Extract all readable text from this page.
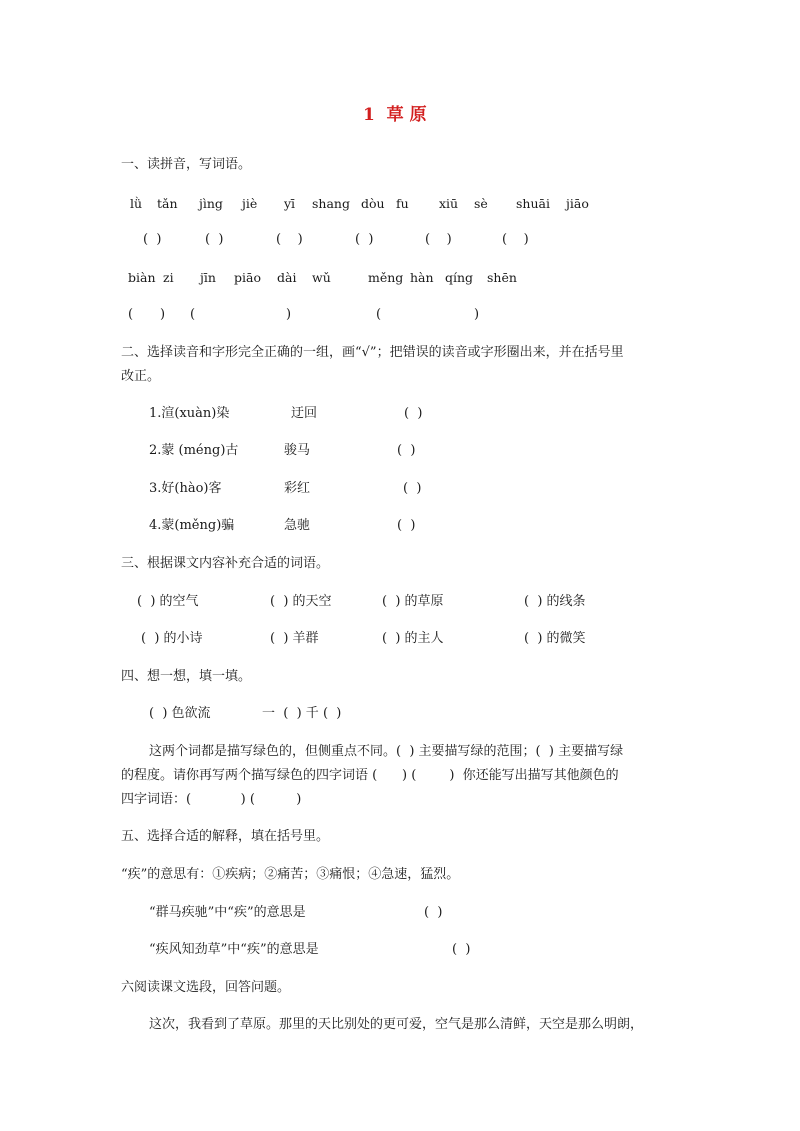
1  草 原
一、读拼音，写词语。
lǜ tǎn jìng jiè yī shang dòu fu xiū sè shuāi jiāo
(  )	(  )	(    )	(  )	(    )	(    )
biàn zi jīn piāo dài wǔ	měng hàn qíng shēn
( ) (	)	(	)
二、选择读音和字形完全正确的一组，画“√”；把错误的读音或字形圈出来，并在括号里
改正。
1.渲(xuàn)染	迂回	(  )
2.蒙 (méng)古	骏马	(  )
3.好(hào)客	彩红	(  )
4.蒙(měng)骗	急驰	(  )
三、根据课文内容补充合适的词语。
(  ) 的空气	(  ) 的天空	(  ) 的草原	(  ) 的线条
(  ) 的小诗	(  ) 羊群	(  ) 的主人	(  ) 的微笑
四、想一想，填一填。
(  ) 色欲流	一  (  ) 千 (  )
这两个词都是描写绿色的，但侧重点不同。(  ) 主要描写绿的范围；(  ) 主要描写绿
的程度。请你再写两个描写绿色的四字词语 (      ) (        )  你还能写出描写其他颜色的
四字词语：(            ) (          )
五、选择合适的解释，填在括号里。
“疾”的意思有：①疾病；②痛苦；③痛恨；④急速，猛烈。
“群马疾驰”中“疾”的意思是	(  )
“疾风知劲草”中“疾”的意思是	(  )
六阅读课文选段，回答问题。
这次，我看到了草原。那里的天比别处的更可爱，空气是那么清鲜，天空是那么明朗，
